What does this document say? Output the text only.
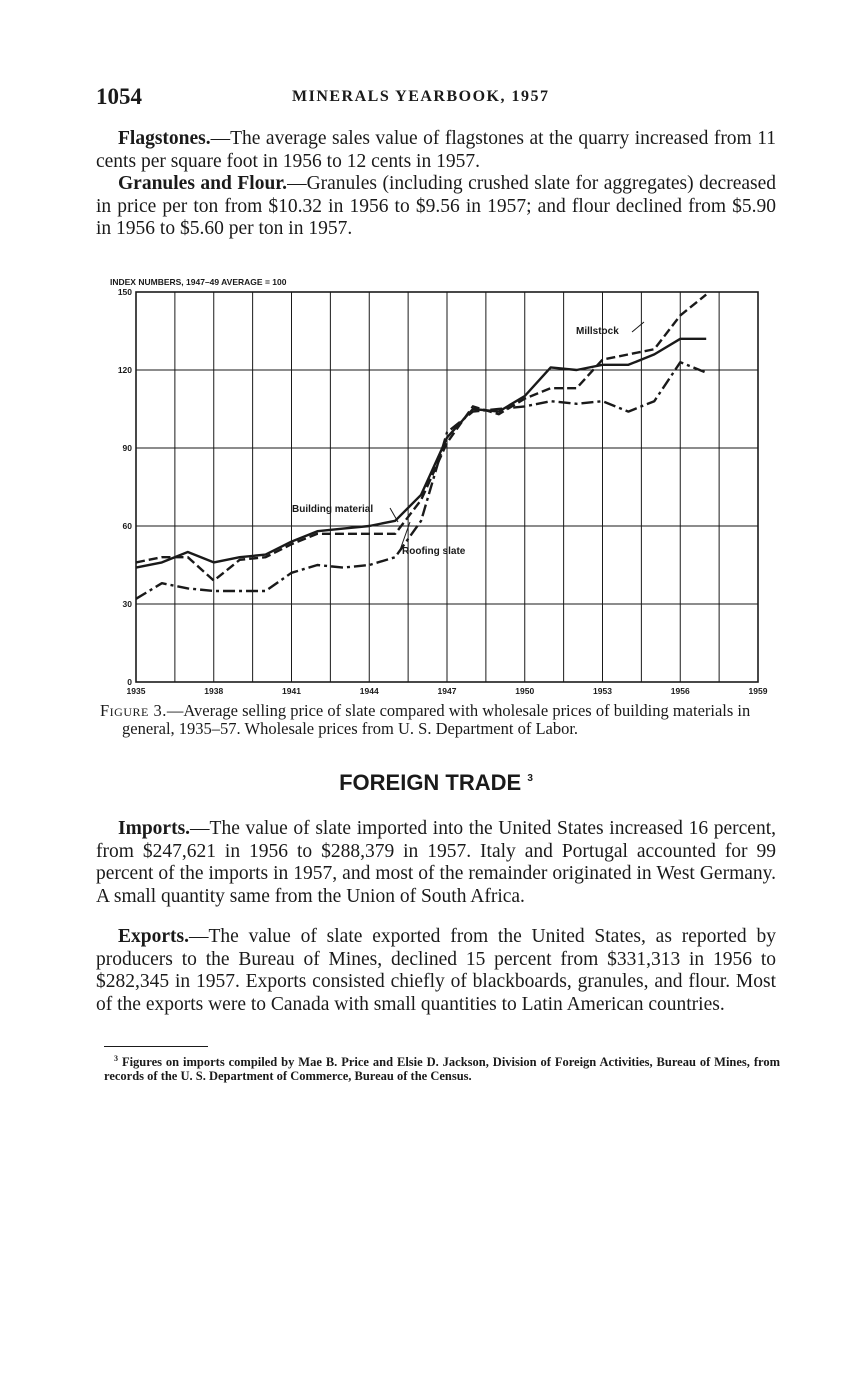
1054	MINERALS YEARBOOK, 1957

Flagstones.—The average sales value of flagstones at the quarry increased from 11 cents per square foot in 1956 to 12 cents in 1957.

Granules and Flour.—Granules (including crushed slate for aggregates) decreased in price per ton from $10.32 in 1956 to $9.56 in 1957; and flour declined from $5.90 in 1956 to $5.60 per ton in 1957.

INDEX NUMBERS, 1947–49 AVERAGE = 100
0
30
60
90
120
150
1935	1938	1941	1944	1947	1950	1953	1956	1959
Building material
Millstock
Roofing slate

Figure 3.—Average selling price of slate compared with wholesale prices of building materials in general, 1935–57. Wholesale prices from U. S. Department of Labor.

FOREIGN TRADE $^3$

Imports.—The value of slate imported into the United States increased 16 percent, from $247,621 in 1956 to $288,379 in 1957. Italy and Portugal accounted for 99 percent of the imports in 1957, and most of the remainder originated in West Germany. A small quantity same from the Union of South Africa.

Exports.—The value of slate exported from the United States, as reported by producers to the Bureau of Mines, declined 15 percent from $331,313 in 1956 to $282,345 in 1957. Exports consisted chiefly of blackboards, granules, and flour. Most of the exports were to Canada with small quantities to Latin American countries.

$^3$ Figures on imports compiled by Mae B. Price and Elsie D. Jackson, Division of Foreign Activities, Bureau of Mines, from records of the U. S. Department of Commerce, Bureau of the Census.
